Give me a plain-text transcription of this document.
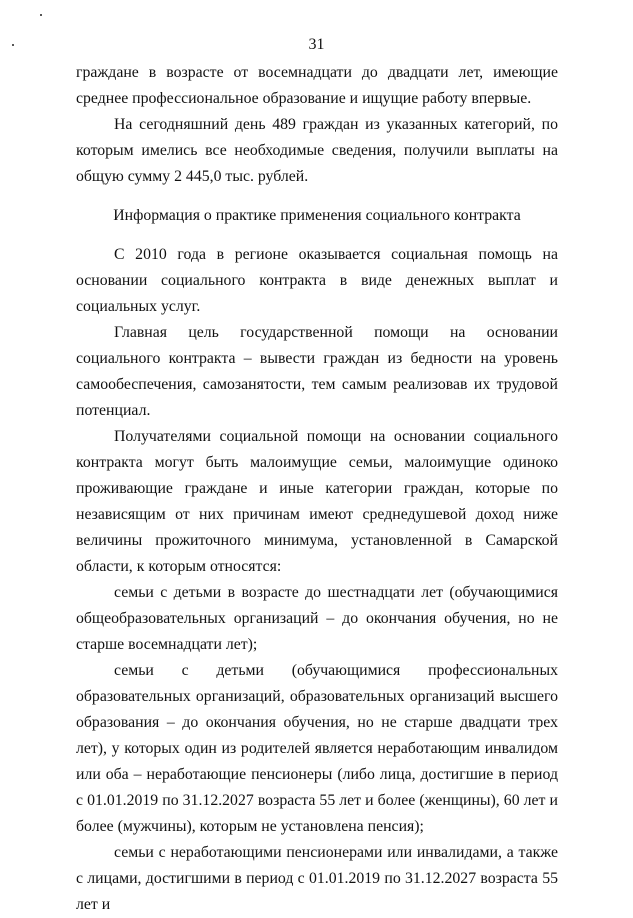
31

граждане в возрасте от восемнадцати до двадцати лет, имеющие среднее профессиональное образование и ищущие работу впервые.

На сегодняшний день 489 граждан из указанных категорий, по которым имелись все необходимые сведения, получили выплаты на общую сумму 2 445,0 тыс. рублей.

Информация о практике применения социального контракта

С 2010 года в регионе оказывается социальная помощь на основании социального контракта в виде денежных выплат и социальных услуг.

Главная цель государственной помощи на основании социального контракта – вывести граждан из бедности на уровень самообеспечения, самозанятости, тем самым реализовав их трудовой потенциал.

Получателями социальной помощи на основании социального контракта могут быть малоимущие семьи, малоимущие одиноко проживающие граждане и иные категории граждан, которые по независящим от них причинам имеют среднедушевой доход ниже величины прожиточного минимума, установленной в Самарской области, к которым относятся:

семьи с детьми в возрасте до шестнадцати лет (обучающимися общеобразовательных организаций – до окончания обучения, но не старше восемнадцати лет);

семьи с детьми (обучающимися профессиональных образовательных организаций, образовательных организаций высшего образования – до окончания обучения, но не старше двадцати трех лет), у которых один из родителей является неработающим инвалидом или оба – неработающие пенсионеры (либо лица, достигшие в период с 01.01.2019 по 31.12.2027 возраста 55 лет и более (женщины), 60 лет и более (мужчины), которым не установлена пенсия);

семьи с неработающими пенсионерами или инвалидами, а также с лицами, достигшими в период с 01.01.2019 по 31.12.2027 возраста 55 лет и
